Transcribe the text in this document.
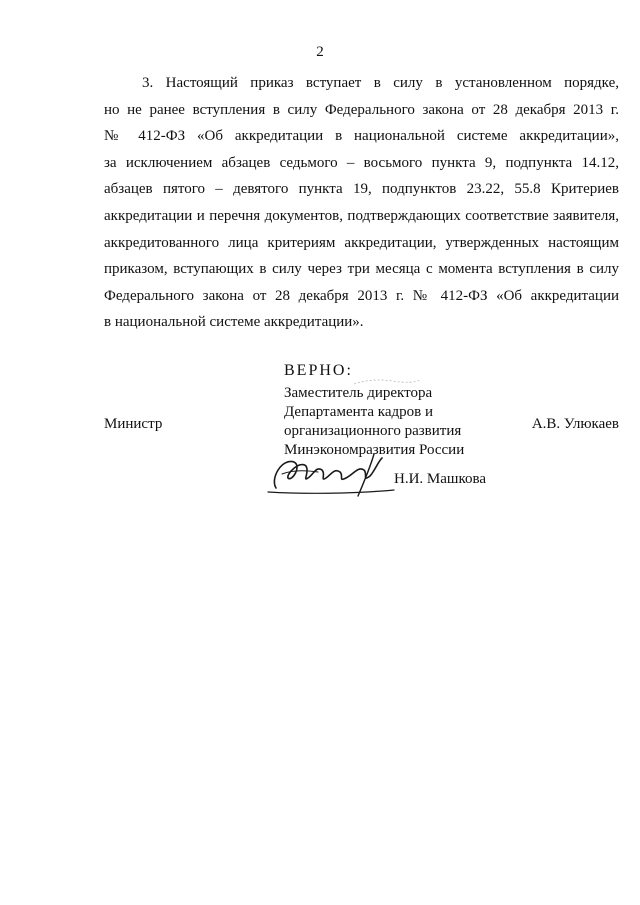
2
3. Настоящий приказ вступает в силу в установленном порядке,
но не ранее вступления в силу Федерального закона от 28 декабря 2013 г.
№ 412-ФЗ «Об аккредитации в национальной системе аккредитации»,
за исключением абзацев седьмого – восьмого пункта 9, подпункта 14.12,
абзацев пятого – девятого пункта 19, подпунктов 23.22, 55.8 Критериев
аккредитации и перечня документов, подтверждающих соответствие заявителя,
аккредитованного лица критериям аккредитации, утвержденных настоящим
приказом, вступающих в силу через три месяца с момента вступления в силу
Федерального закона от 28 декабря 2013 г. № 412-ФЗ «Об аккредитации
в национальной системе аккредитации».
ВЕРНО:
Заместитель директора
Департамента кадров и
организационного развития
Минэкономразвития России
Министр	А.В. Улюкаев
Н.И. Машкова
